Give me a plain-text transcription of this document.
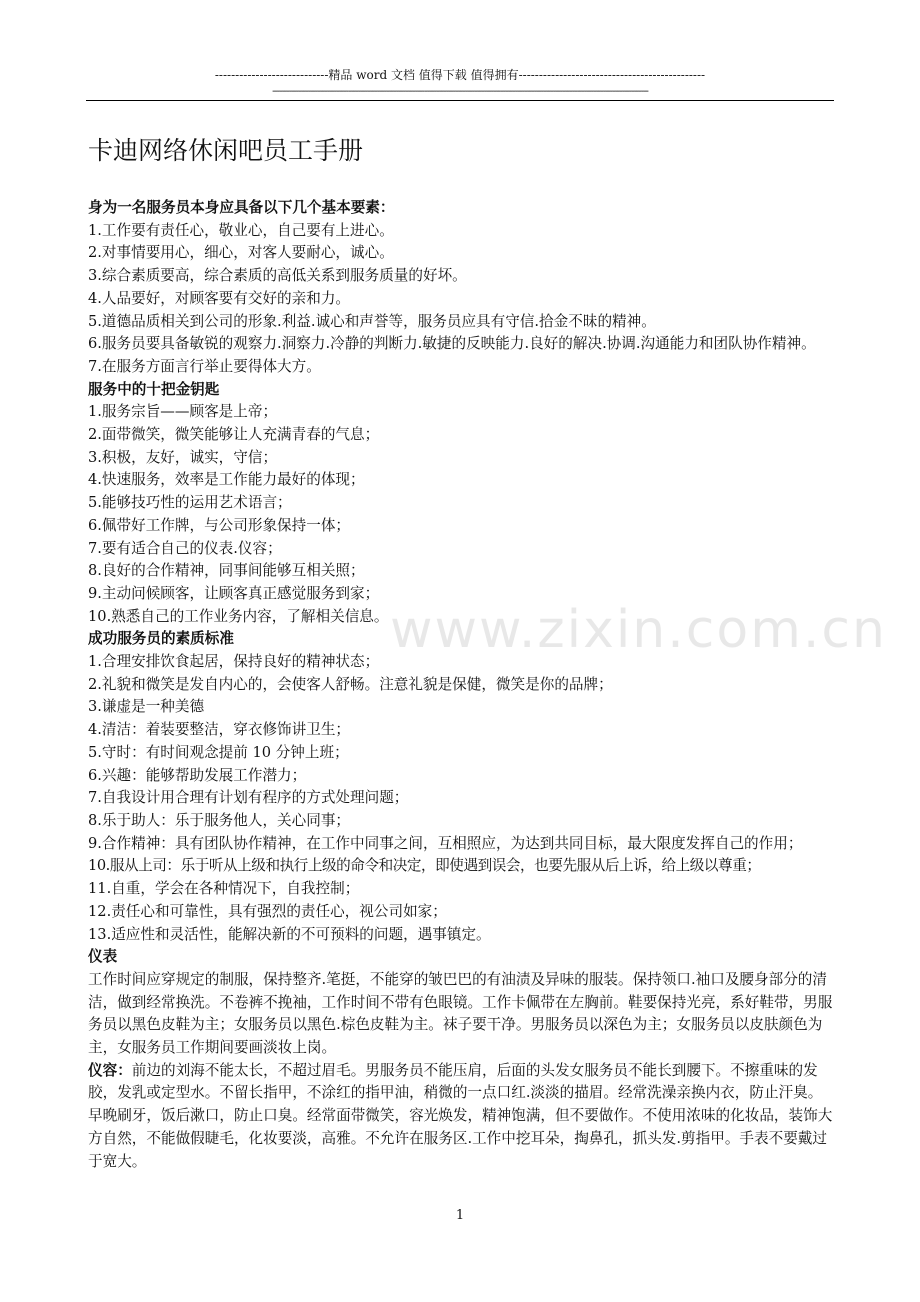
----------------------------精品 word 文档 值得下载 值得拥有----------------------------------------------
--------------------------------------------------------------------------------------------------------------------------------------------------------------
卡迪网络休闲吧员工手册

身为一名服务员本身应具备以下几个基本要素：

1.工作要有责任心，敬业心，自己要有上进心。

2.对事情要用心，细心，对客人要耐心，诚心。

3.综合素质要高，综合素质的高低关系到服务质量的好坏。

4.人品要好，对顾客要有交好的亲和力。

5.道德品质相关到公司的形象.利益.诚心和声誉等，服务员应具有守信.拾金不昧的精神。

6.服务员要具备敏锐的观察力.洞察力.冷静的判断力.敏捷的反映能力.良好的解决.协调.沟通能力和团队协作精神。

7.在服务方面言行举止要得体大方。

服务中的十把金钥匙

1.服务宗旨——顾客是上帝；

2.面带微笑，微笑能够让人充满青春的气息；

3.积极，友好，诚实，守信；

4.快速服务，效率是工作能力最好的体现；

5.能够技巧性的运用艺术语言；

6.佩带好工作牌，与公司形象保持一体；

7.要有适合自己的仪表.仪容；

8.良好的合作精神，同事间能够互相关照；

9.主动问候顾客，让顾客真正感觉服务到家；

10.熟悉自己的工作业务内容，了解相关信息。

成功服务员的素质标准

1.合理安排饮食起居，保持良好的精神状态；

2.礼貌和微笑是发自内心的，会使客人舒畅。注意礼貌是保健，微笑是你的品牌；

3.谦虚是一种美德

4.清洁：着装要整洁，穿衣修饰讲卫生；

5.守时：有时间观念提前 10 分钟上班；

6.兴趣：能够帮助发展工作潜力；

7.自我设计用合理有计划有程序的方式处理问题；

8.乐于助人：乐于服务他人，关心同事；

9.合作精神：具有团队协作精神，在工作中同事之间，互相照应，为达到共同目标，最大限度发挥自己的作用；

10.服从上司：乐于听从上级和执行上级的命令和决定，即使遇到误会，也要先服从后上诉，给上级以尊重；

11.自重，学会在各种情况下，自我控制；

12.责任心和可靠性，具有强烈的责任心，视公司如家；

13.适应性和灵活性，能解决新的不可预料的问题，遇事镇定。

仪表

工作时间应穿规定的制服，保持整齐.笔挺，不能穿的皱巴巴的有油渍及异味的服装。保持领口.袖口及腰身部分的清洁，做到经常换洗。不卷裤不挽袖，工作时间不带有色眼镜。工作卡佩带在左胸前。鞋要保持光亮，系好鞋带，男服务员以黑色皮鞋为主；女服务员以黑色.棕色皮鞋为主。袜子要干净。男服务员以深色为主；女服务员以皮肤颜色为主，女服务员工作期间要画淡妆上岗。

仪容：前边的刘海不能太长，不超过眉毛。男服务员不能压肩，后面的头发女服务员不能长到腰下。不擦重味的发胶，发乳或定型水。不留长指甲，不涂红的指甲油，稍微的一点口红.淡淡的描眉。经常洗澡亲换内衣，防止汗臭。早晚刷牙，饭后漱口，防止口臭。经常面带微笑，容光焕发，精神饱满，但不要做作。不使用浓味的化妆品，装饰大方自然，不能做假睫毛，化妆要淡，高雅。不允许在服务区.工作中挖耳朵，掏鼻孔，抓头发.剪指甲。手表不要戴过于宽大。

www.zixin.com.cn
1
